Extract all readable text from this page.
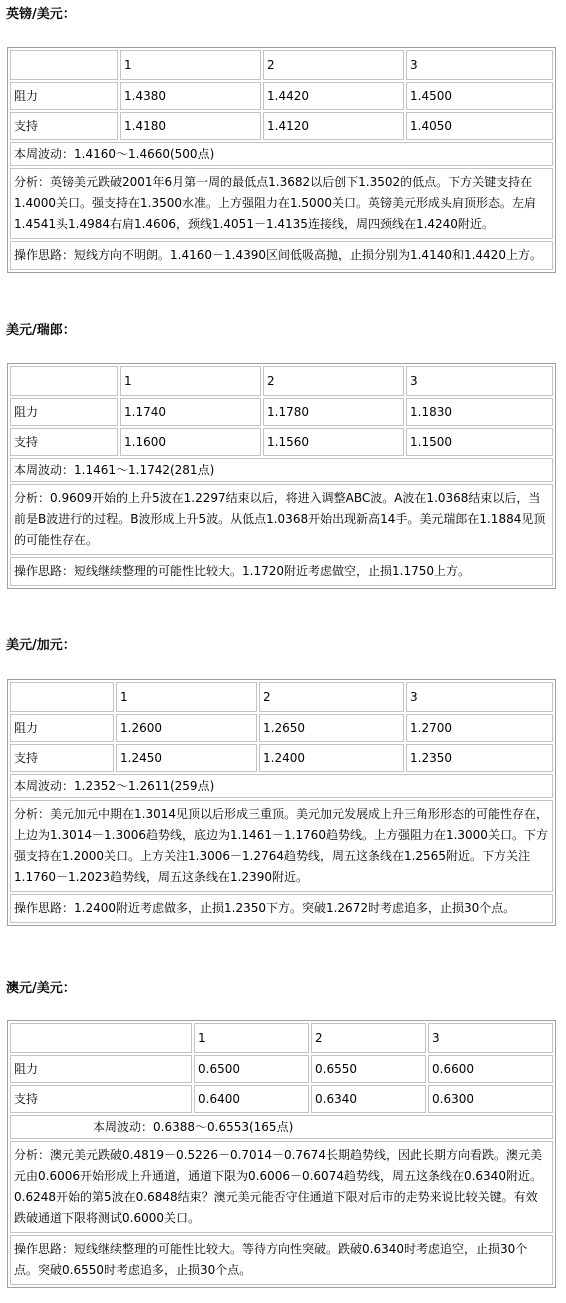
英镑/美元：
	1	2	3
阻力	1.4380	1.4420	1.4500
支持	1.4180	1.4120	1.4050
本周波动：1.4160～1.4660(500点)			
分析：英镑美元跌破2001年6月第一周的最低点1.3682以后创下1.3502的低点。下方关键支持在1.4000关口。强支持在1.3500水准。上方强阻力在1.5000关口。英镑美元形成头肩顶形态。左肩1.4541头1.4984右肩1.4606，颈线1.4051－1.4135连接线，周四颈线在1.4240附近。			
操作思路：短线方向不明朗。1.4160－1.4390区间低吸高抛，止损分别为1.4140和1.4420上方。			
美元/瑞郎：
	1	2	3
阻力	1.1740	1.1780	1.1830
支持	1.1600	1.1560	1.1500
本周波动：1.1461～1.1742(281点)			
分析：0.9609开始的上升5波在1.2297结束以后，将进入调整ABC波。A波在1.0368结束以后，当前是B波进行的过程。B波形成上升5波。从低点1.0368开始出现新高14手。美元瑞郎在1.1884见顶的可能性存在。			
操作思路：短线继续整理的可能性比较大。1.1720附近考虑做空，止损1.1750上方。			
美元/加元：
	1	2	3
阻力	1.2600	1.2650	1.2700
支持	1.2450	1.2400	1.2350
本周波动：1.2352～1.2611(259点)			
分析：美元加元中期在1.3014见顶以后形成三重顶。美元加元发展成上升三角形形态的可能性存在，上边为1.3014－1.3006趋势线，底边为1.1461－1.1760趋势线。上方强阻力在1.3000关口。下方强支持在1.2000关口。上方关注1.3006－1.2764趋势线，周五这条线在1.2565附近。下方关注1.1760－1.2023趋势线，周五这条线在1.2390附近。			
操作思路：1.2400附近考虑做多，止损1.2350下方。突破1.2672时考虑追多，止损30个点。			
澳元/美元：
	1	2	3
阻力	0.6500	0.6550	0.6600
支持	0.6400	0.6340	0.6300
本周波动：0.6388～0.6553(165点)			
分析：澳元美元跌破0.4819－0.5226－0.7014－0.7674长期趋势线，因此长期方向看跌。澳元美元由0.6006开始形成上升通道，通道下限为0.6006－0.6074趋势线，周五这条线在0.6340附近。0.6248开始的第5波在0.6848结束？澳元美元能否守住通道下限对后市的走势来说比较关键。有效跌破通道下限将测试0.6000关口。			
操作思路：短线继续整理的可能性比较大。等待方向性突破。跌破0.6340时考虑追空，止损30个点。突破0.6550时考虑追多，止损30个点。			
